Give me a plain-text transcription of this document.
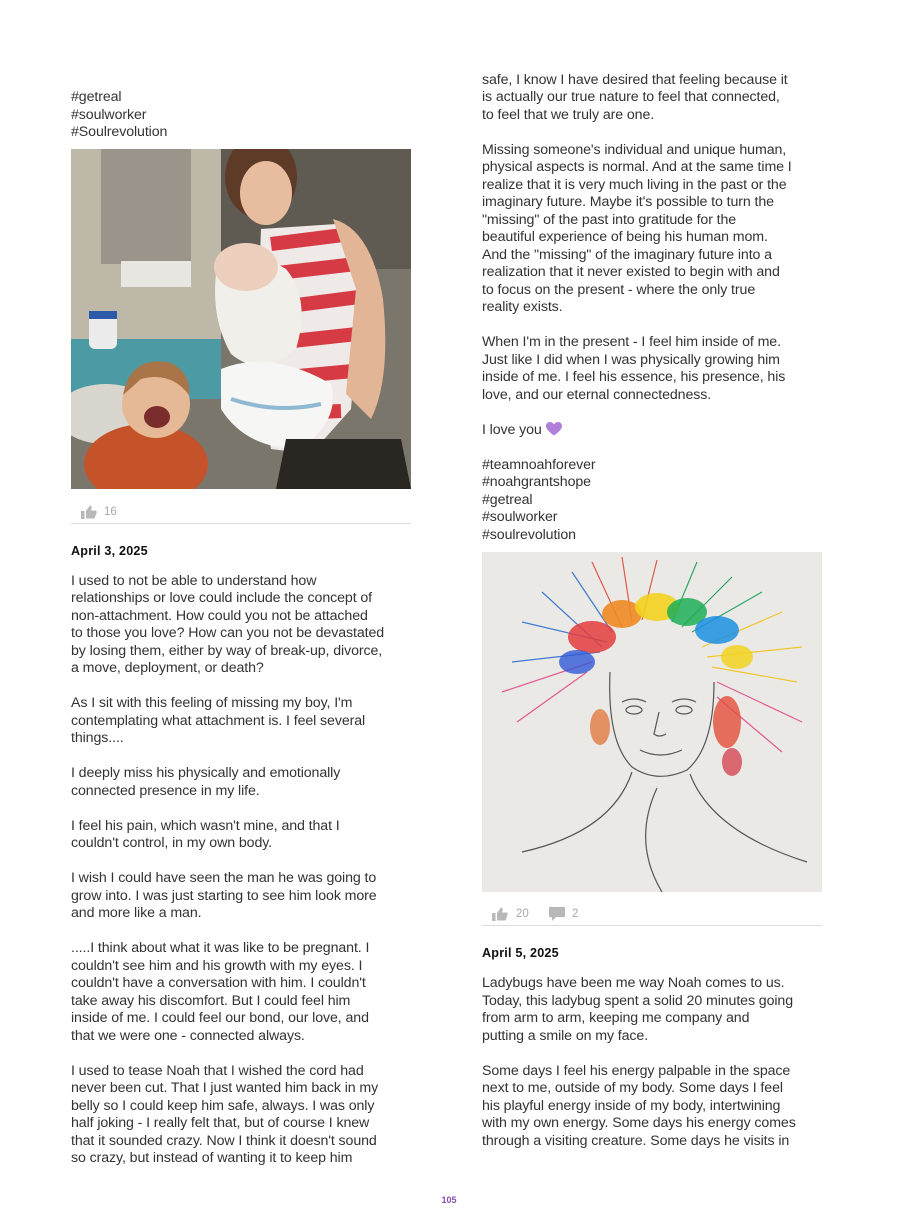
#getreal

#soulworker

#Soulrevolution

16

April 3, 2025

I used to not be able to understand how

relationships or love could include the concept of

non-attachment. How could you not be attached

to those you love? How can you not be devastated

by losing them, either by way of break-up, divorce,

a move, deployment, or death?

As I sit with this feeling of missing my boy, I'm

contemplating what attachment is. I feel several

things....

I deeply miss his physically and emotionally

connected presence in my life.

I feel his pain, which wasn't mine, and that I

couldn't control, in my own body.

I wish I could have seen the man he was going to

grow into. I was just starting to see him look more

and more like a man.

.....I think about what it was like to be pregnant. I

couldn't see him and his growth with my eyes. I

couldn't have a conversation with him. I couldn't

take away his discomfort. But I could feel him

inside of me. I could feel our bond, our love, and

that we were one - connected always.

I used to tease Noah that I wished the cord had

never been cut. That I just wanted him back in my

belly so I could keep him safe, always. I was only

half joking - I really felt that, but of course I knew

that it sounded crazy. Now I think it doesn't sound

so crazy, but instead of wanting it to keep him

safe, I know I have desired that feeling because it

is actually our true nature to feel that connected,

to feel that we truly are one.

Missing someone's individual and unique human,

physical aspects is normal. And at the same time I

realize that it is very much living in the past or the

imaginary future. Maybe it's possible to turn the

"missing" of the past into gratitude for the

beautiful experience of being his human mom.

And the "missing" of the imaginary future into a

realization that it never existed to begin with and

to focus on the present - where the only true

reality exists.

When I'm in the present - I feel him inside of me.

Just like I did when I was physically growing him

inside of me. I feel his essence, his presence, his

love, and our eternal connectedness.

I love you

#teamnoahforever

#noahgrantshope

#getreal

#soulworker

#soulrevolution

20	2

April 5, 2025

Ladybugs have been me way Noah comes to us.

Today, this ladybug spent a solid 20 minutes going

from arm to arm, keeping me company and

putting a smile on my face.

Some days I feel his energy palpable in the space

next to me, outside of my body. Some days I feel

his playful energy inside of my body, intertwining

with my own energy. Some days his energy comes

through a visiting creature. Some days he visits in

105
